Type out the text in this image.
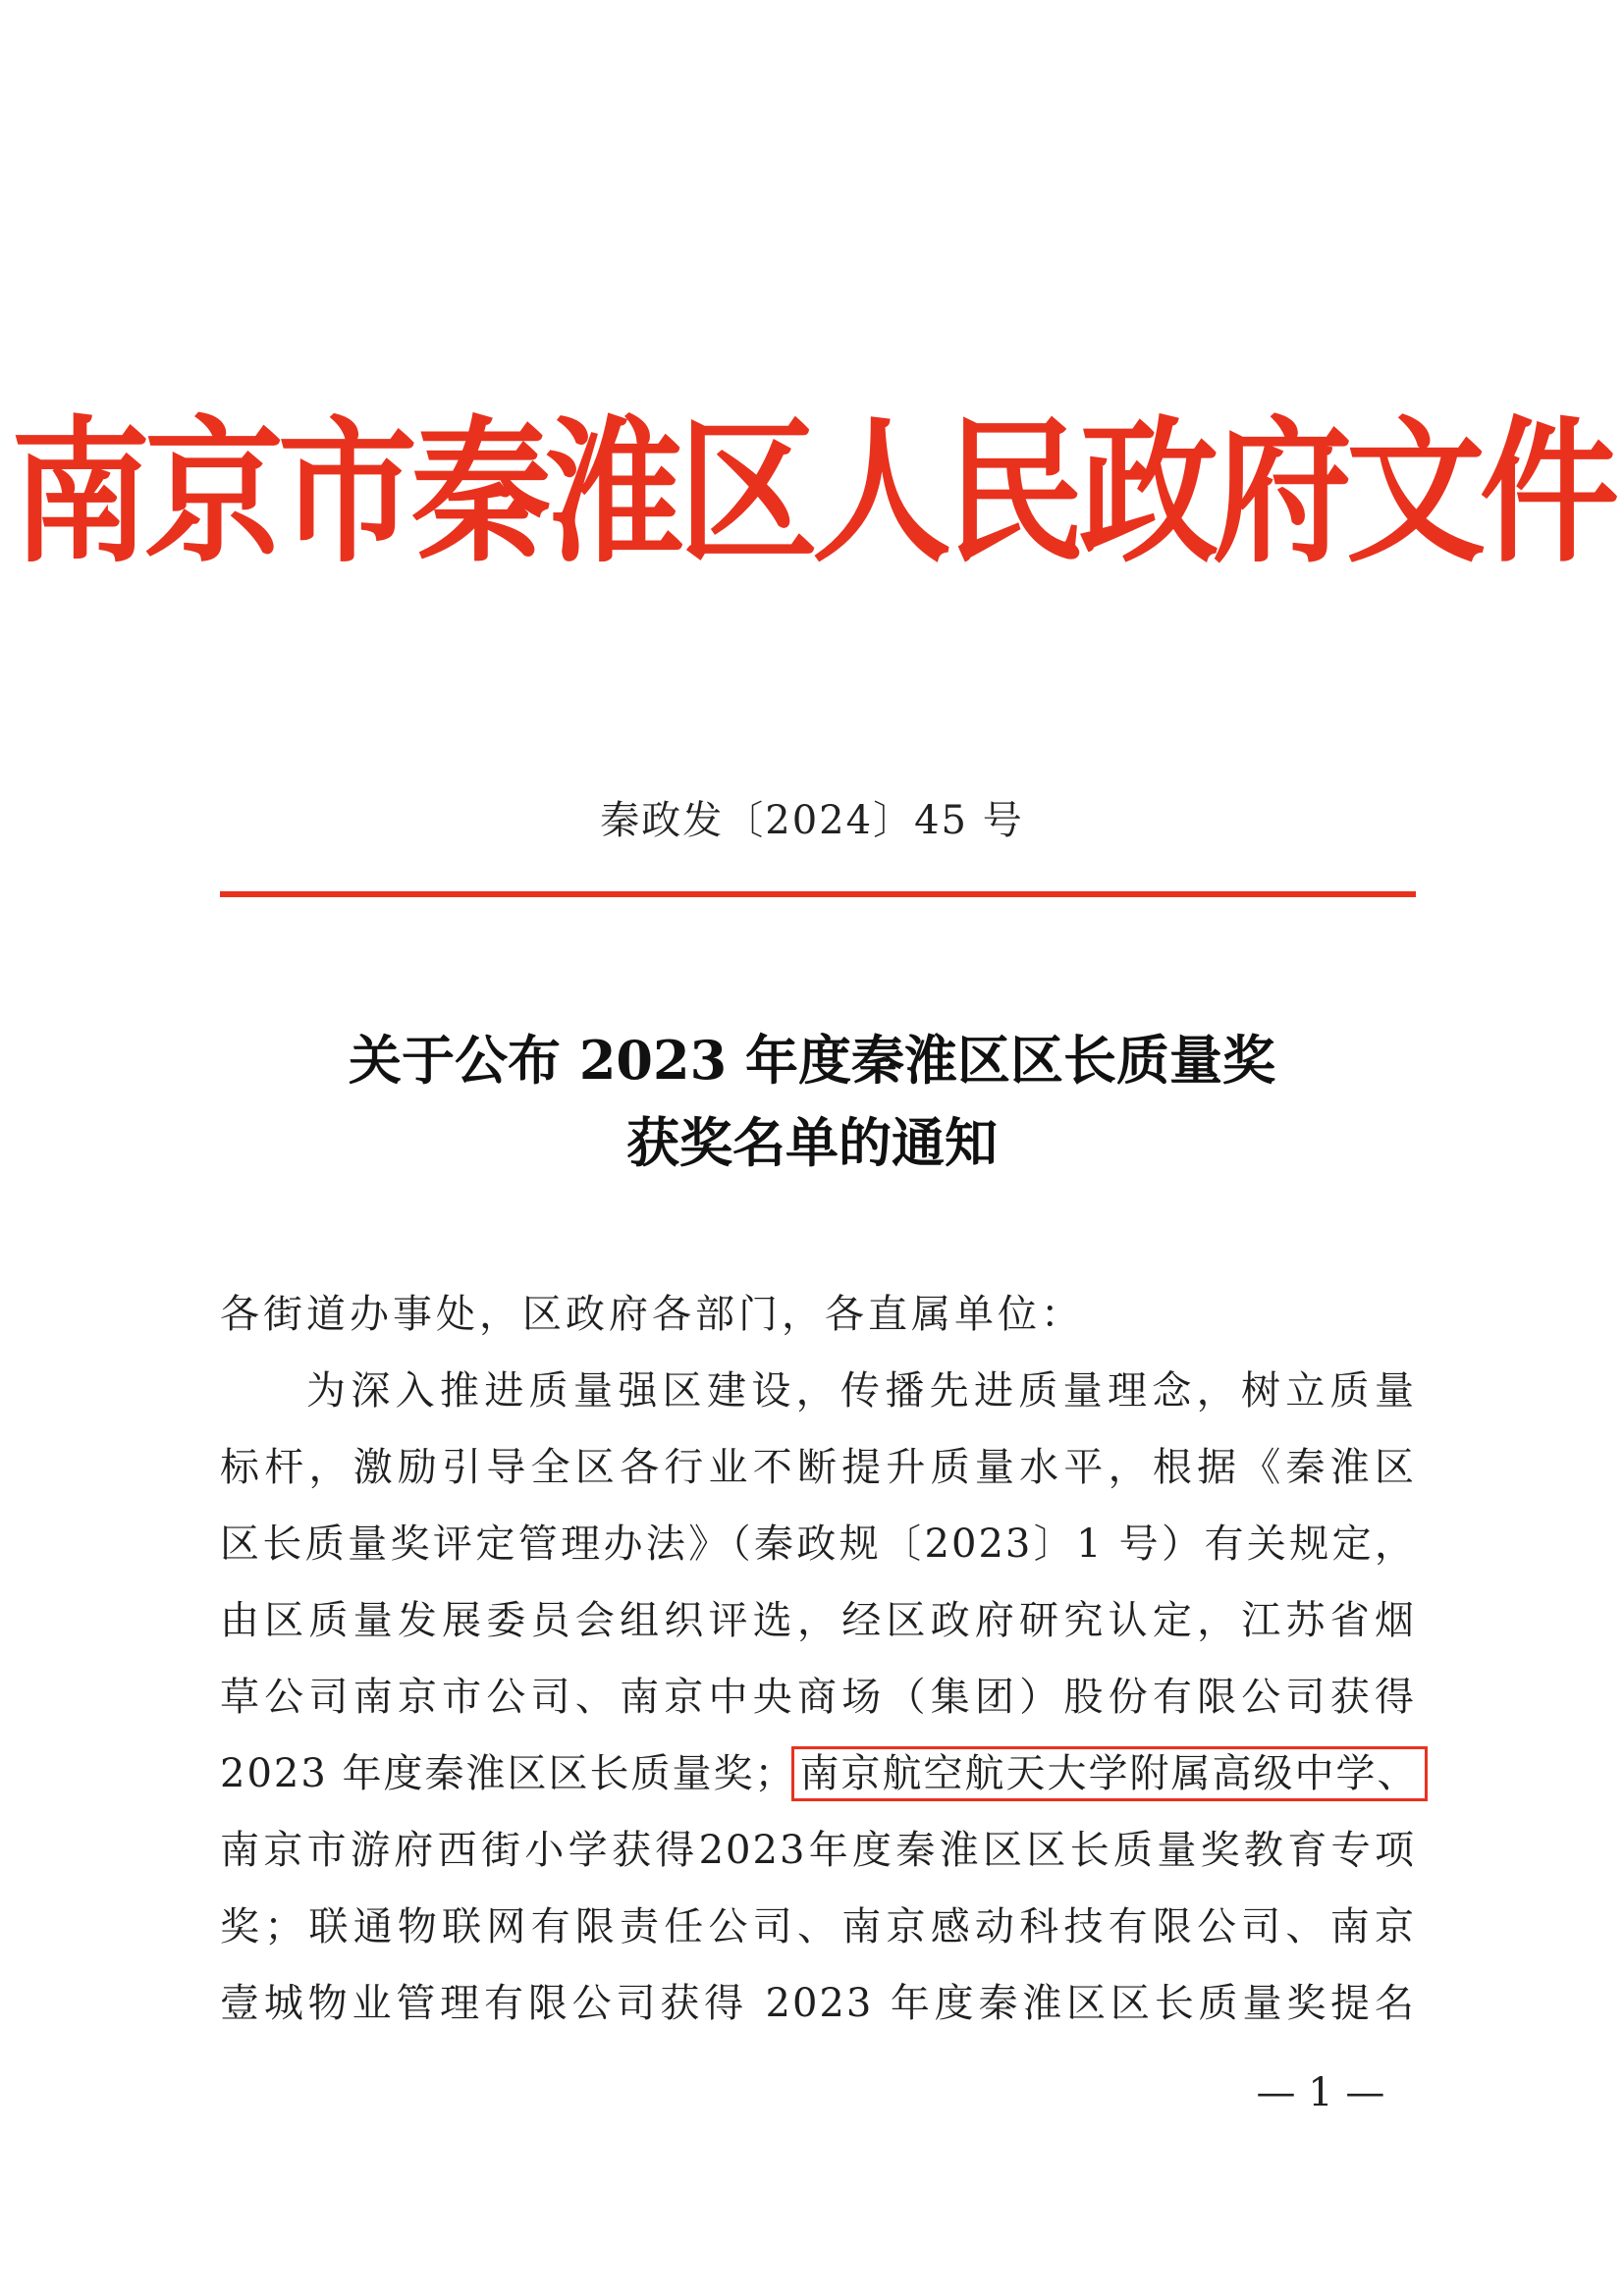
南京市秦淮区人民政府文件
秦政发〔2024〕45 号
关于公布 2023 年度秦淮区区长质量奖
获奖名单的通知
各街道办事处，区政府各部门，各直属单位：
为深入推进质量强区建设，传播先进质量理念，树立质量
标杆，激励引导全区各行业不断提升质量水平，根据《秦淮区
区长质量奖评定管理办法》（秦政规〔2023〕1 号）有关规定，
由区质量发展委员会组织评选，经区政府研究认定，江苏省烟
草公司南京市公司、南京中央商场（集团）股份有限公司获得
2023 年度秦淮区区长质量奖； 南京航空航天大学附属高级中学、
南京市游府西街小学获得2023年度秦淮区区长质量奖教育专项
奖；联通物联网有限责任公司、南京感动科技有限公司、南京
壹城物业管理有限公司获得 2023 年度秦淮区区长质量奖提名
— 1 —
